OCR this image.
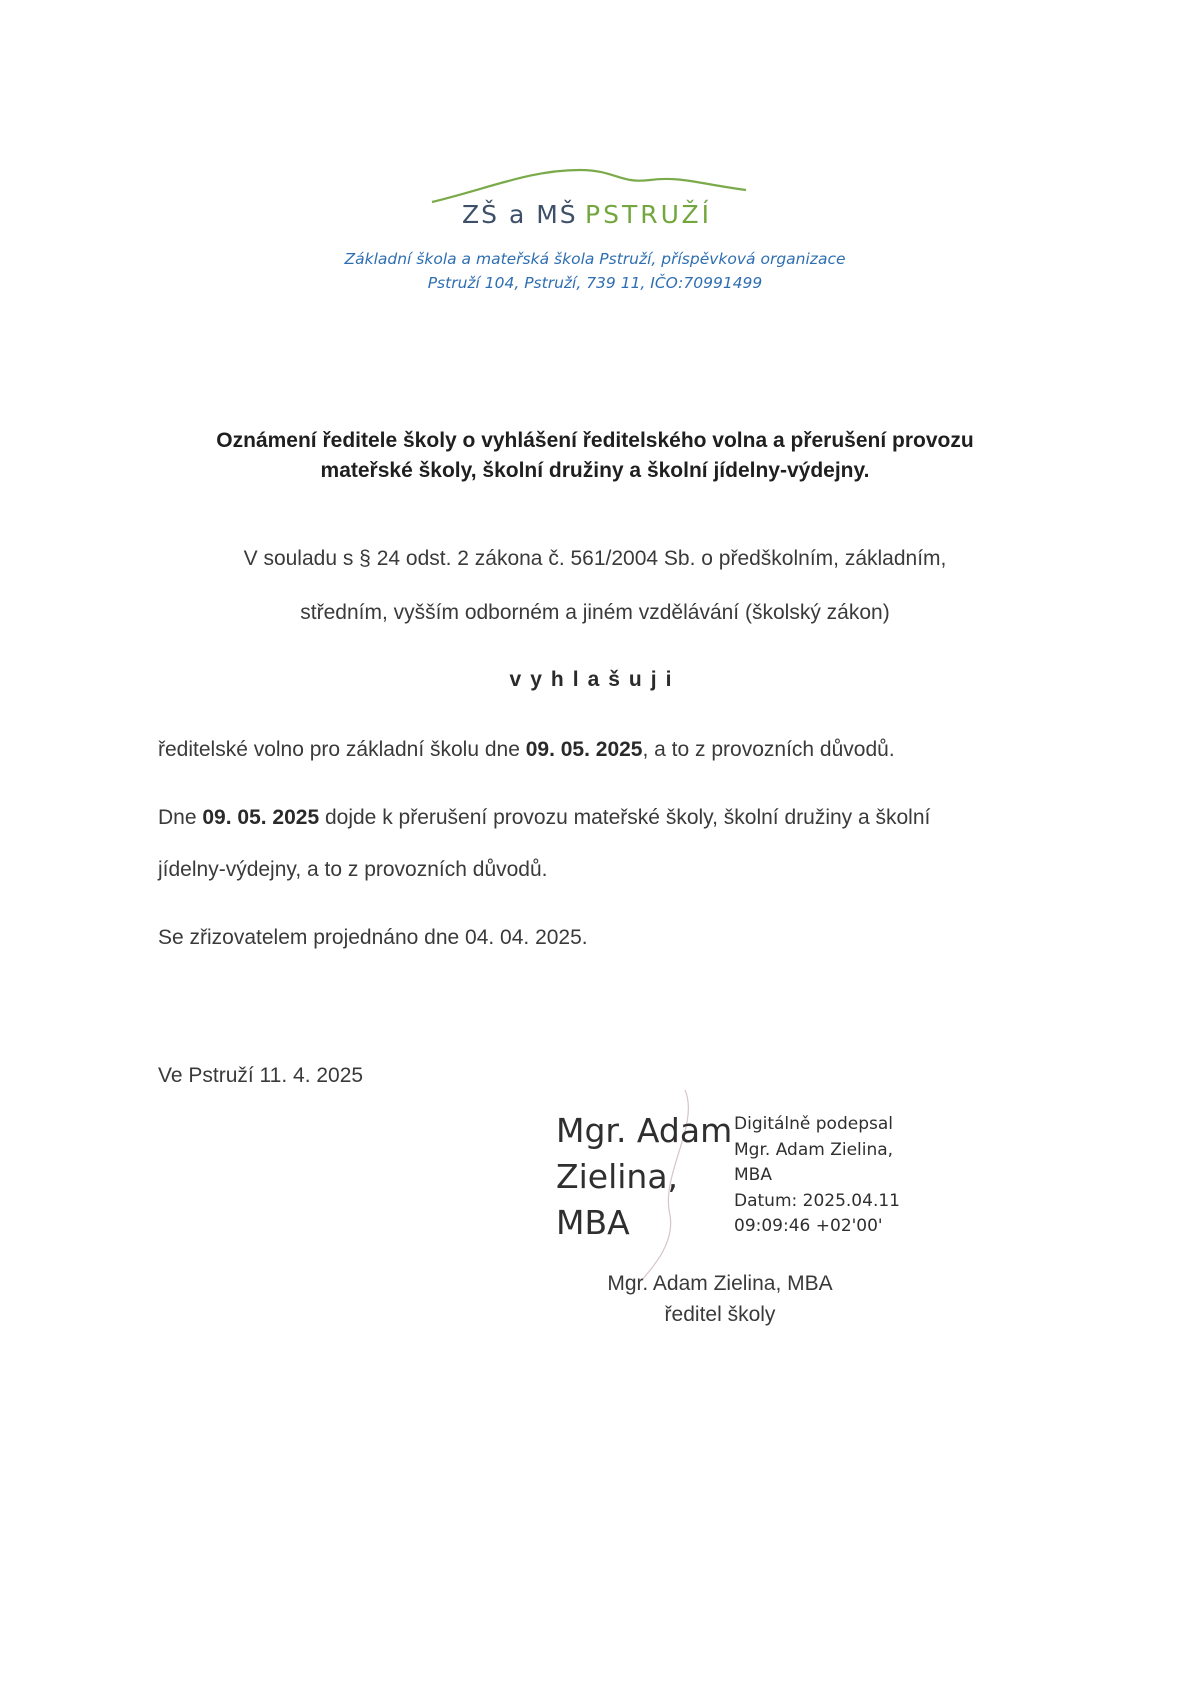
ZŠ a MŠ PSTRUŽÍ
Základní škola a mateřská škola Pstruží, příspěvková organizace
Pstruží 104, Pstruží, 739 11, IČO:70991499
Oznámení ředitele školy o vyhlášení ředitelského volna a přerušení provozu
mateřské školy, školní družiny a školní jídelny-výdejny.
V souladu s § 24 odst. 2 zákona č. 561/2004 Sb. o předškolním, základním,
středním, vyšším odborném a jiném vzdělávání (školský zákon)
vyhlašuji
ředitelské volno pro základní školu dne 09. 05. 2025, a to z provozních důvodů.
Dne 09. 05. 2025 dojde k přerušení provozu mateřské školy, školní družiny a školní
jídelny-výdejny, a to z provozních důvodů.
Se zřizovatelem projednáno dne 04. 04. 2025.
Ve Pstruží 11. 4. 2025
Mgr. Adam
Zielina,
MBA
Digitálně podepsal
Mgr. Adam Zielina,
MBA
Datum: 2025.04.11
09:09:46 +02'00'
Mgr. Adam Zielina, MBA
ředitel školy
